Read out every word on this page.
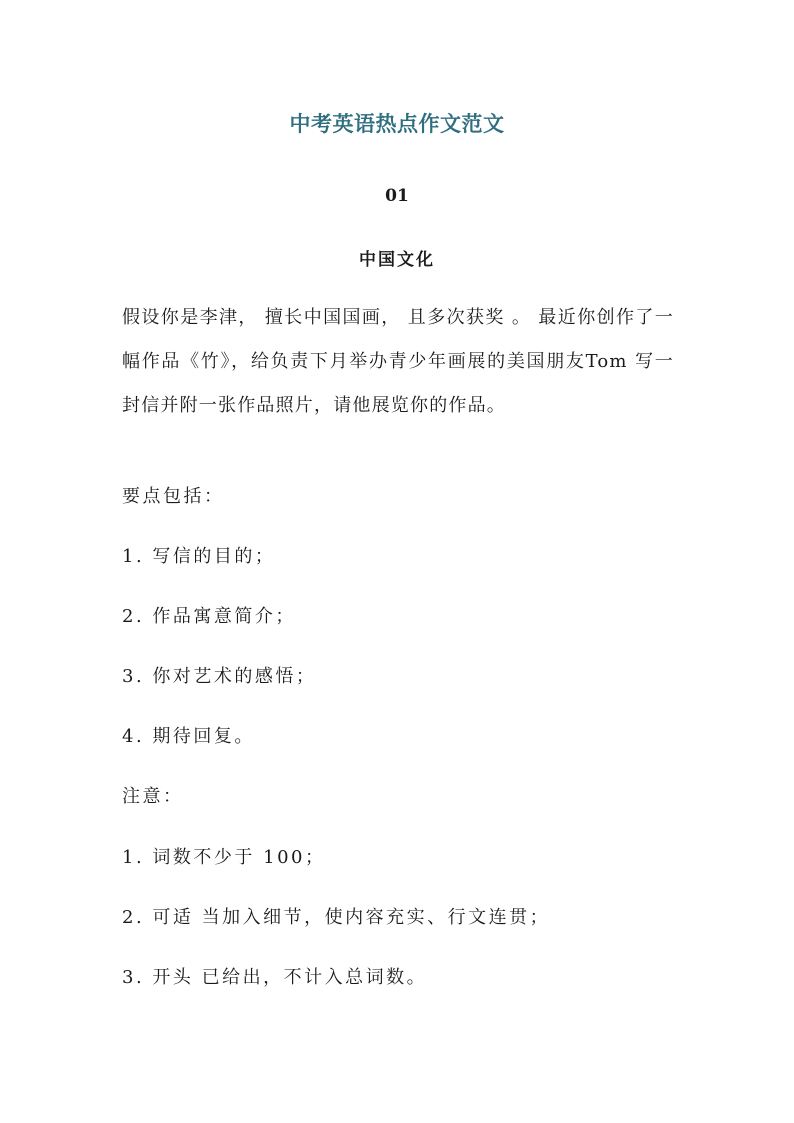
中考英语热点作文范文
01
中国文化
假设你是李津， 擅长中国国画， 且多次获奖 。 最近你创作了一幅作品《竹》，给负责下月举办青少年画展的美国朋友Tom 写一封信并附一张作品照片，请他展览你的作品。
要点包括：
1. 写信的目的；
2. 作品寓意简介；
3. 你对艺术的感悟；
4. 期待回复。
注意：
1. 词数不少于 100；
2. 可适 当加入细节，使内容充实、行文连贯；
3. 开头 已给出，不计入总词数。
